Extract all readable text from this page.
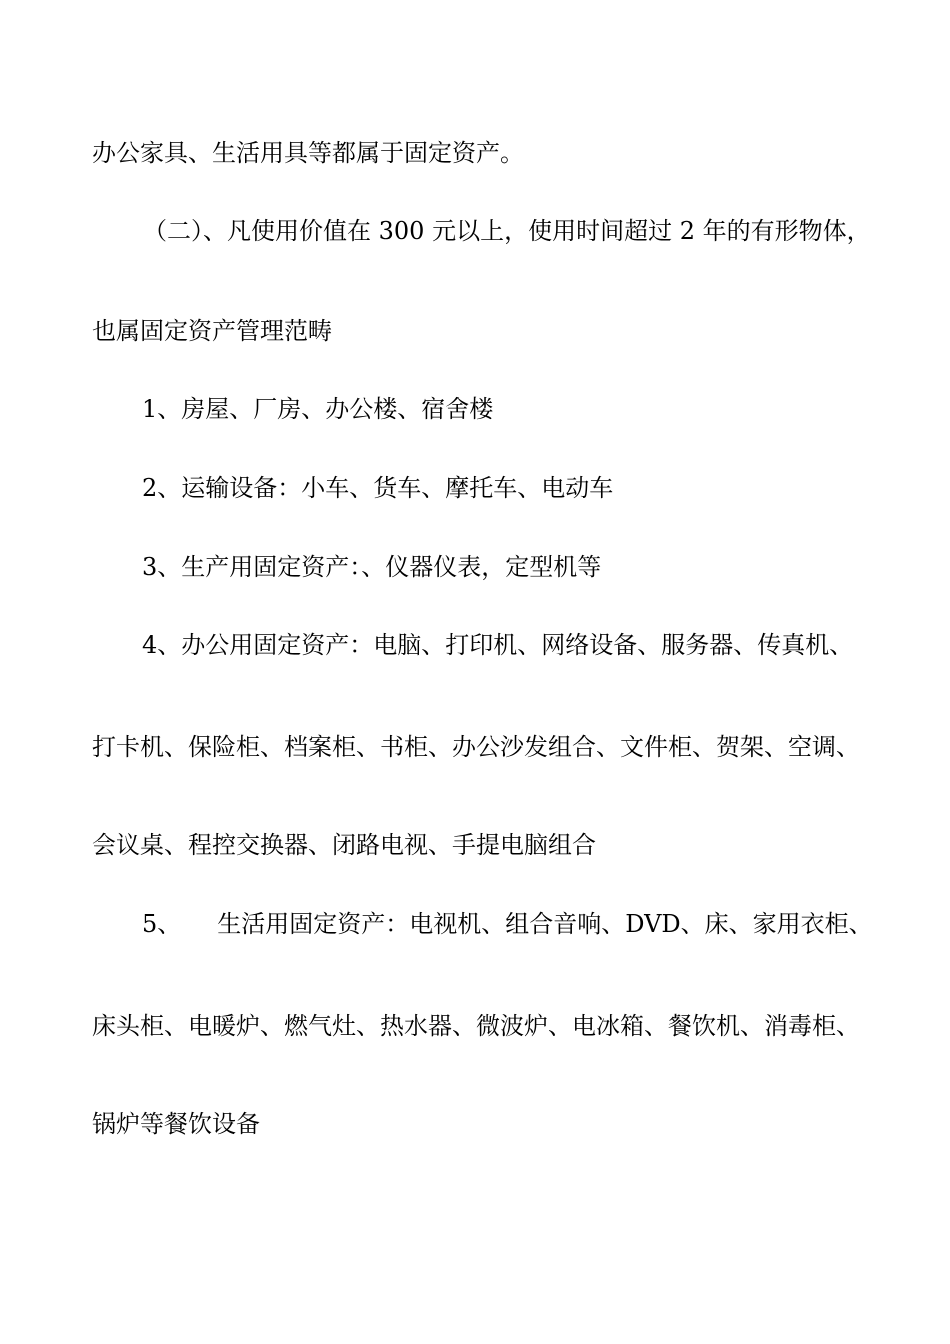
办公家具、生活用具等都属于固定资产。
（二）、凡使用价值在 300 元以上，使用时间超过 2 年的有形物体，
也属固定资产管理范畴
1、房屋、厂房、办公楼、宿舍楼
2、运输设备：小车、货车、摩托车、电动车
3、生产用固定资产：、仪器仪表，定型机等
4、办公用固定资产：电脑、打印机、网络设备、服务器、传真机、
打卡机、保险柜、档案柜、书柜、办公沙发组合、文件柜、贺架、空调、
会议桌、程控交换器、闭路电视、手提电脑组合
5、 生活用固定资产：电视机、组合音响、DVD、床、家用衣柜、
床头柜、电暖炉、燃气灶、热水器、微波炉、电冰箱、餐饮机、消毒柜、
锅炉等餐饮设备
